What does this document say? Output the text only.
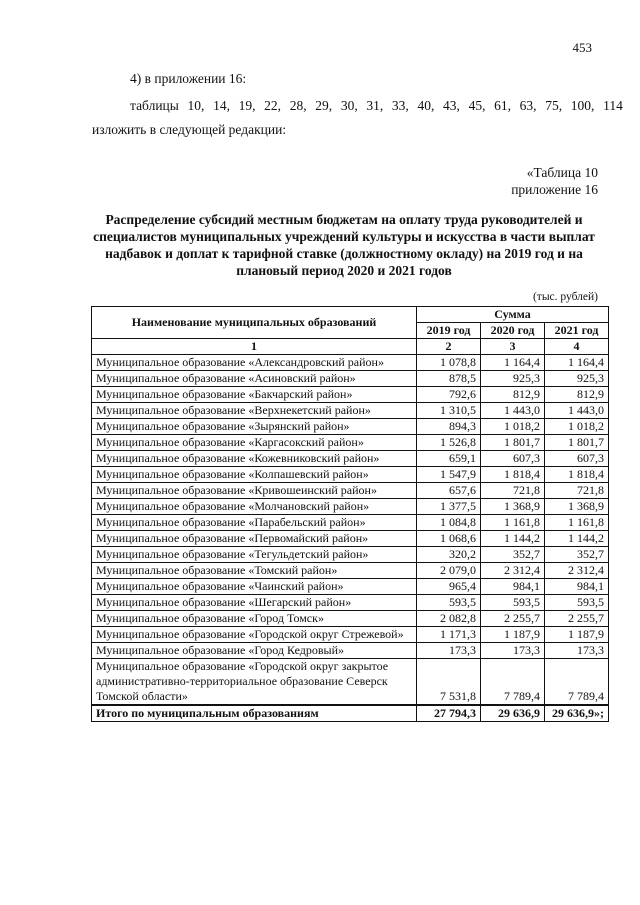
453
4) в приложении 16:
таблицы 10, 14, 19, 22, 28, 29, 30, 31, 33, 40, 43, 45, 61, 63, 75, 100, 114
изложить в следующей редакции:
«Таблица 10
приложение 16
Распределение субсидий местным бюджетам на оплату труда руководителей и специалистов муниципальных учреждений культуры и искусства в части выплат надбавок и доплат к тарифной ставке (должностному окладу) на 2019 год и на плановый период 2020 и 2021 годов
(тыс. рублей)
Наименование муниципальных образований	Сумма		
	2019 год	2020 год	2021 год
1	2	3	4
Муниципальное образование «Александровский район»	1 078,8	1 164,4	1 164,4
Муниципальное образование «Асиновский район»	878,5	925,3	925,3
Муниципальное образование «Бакчарский район»	792,6	812,9	812,9
Муниципальное образование «Верхнекетский район»	1 310,5	1 443,0	1 443,0
Муниципальное образование «Зырянский район»	894,3	1 018,2	1 018,2
Муниципальное образование «Каргасокский район»	1 526,8	1 801,7	1 801,7
Муниципальное образование «Кожевниковский район»	659,1	607,3	607,3
Муниципальное образование «Колпашевский район»	1 547,9	1 818,4	1 818,4
Муниципальное образование «Кривошеинский район»	657,6	721,8	721,8
Муниципальное образование «Молчановский район»	1 377,5	1 368,9	1 368,9
Муниципальное образование «Парабельский район»	1 084,8	1 161,8	1 161,8
Муниципальное образование «Первомайский район»	1 068,6	1 144,2	1 144,2
Муниципальное образование «Тегульдетский район»	320,2	352,7	352,7
Муниципальное образование «Томский район»	2 079,0	2 312,4	2 312,4
Муниципальное образование «Чаинский район»	965,4	984,1	984,1
Муниципальное образование «Шегарский район»	593,5	593,5	593,5
Муниципальное образование «Город Томск»	2 082,8	2 255,7	2 255,7
Муниципальное образование «Городской округ Стрежевой»	1 171,3	1 187,9	1 187,9
Муниципальное образование «Город Кедровый»	173,3	173,3	173,3
Муниципальное образование «Городской округ закрытое административно-территориальное образование Северск Томской области»	7 531,8	7 789,4	7 789,4
Итого по муниципальным образованиям	27 794,3	29 636,9	29 636,9»;
